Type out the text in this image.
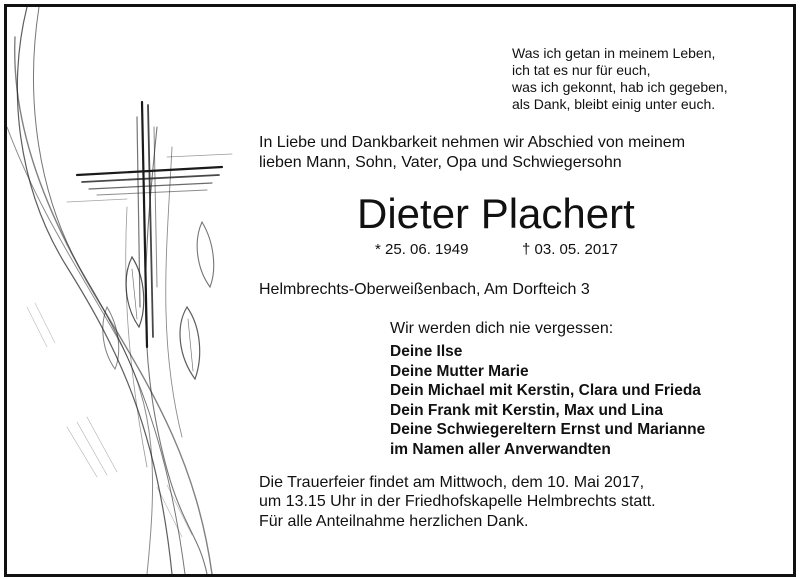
Was ich getan in meinem Leben,
ich tat es nur für euch,
was ich gekonnt, hab ich gegeben,
als Dank, bleibt einig unter euch.
In Liebe und Dankbarkeit nehmen wir Abschied von meinem
lieben Mann, Sohn, Vater, Opa und Schwiegersohn
Dieter Plachert
* 25. 06. 1949	† 03. 05. 2017
Helmbrechts-Oberweißenbach, Am Dorfteich 3
Wir werden dich nie vergessen:
Deine Ilse
Deine Mutter Marie
Dein Michael mit Kerstin, Clara und Frieda
Dein Frank mit Kerstin, Max und Lina
Deine Schwiegereltern Ernst und Marianne
im Namen aller Anverwandten
Die Trauerfeier findet am Mittwoch, dem 10. Mai 2017,
um 13.15 Uhr in der Friedhofskapelle Helmbrechts statt.
Für alle Anteilnahme herzlichen Dank.
